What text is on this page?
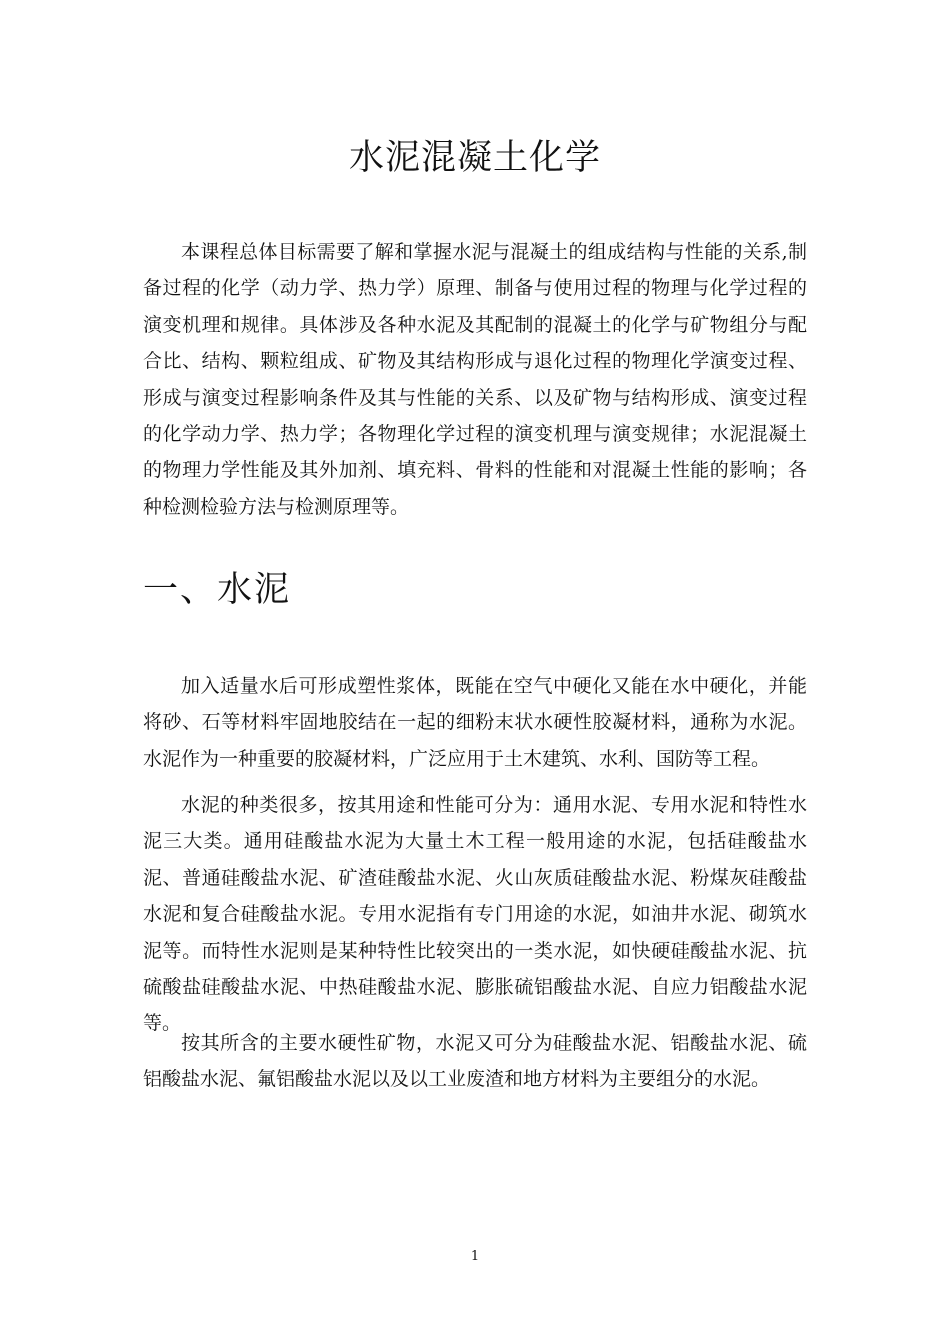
水泥混凝土化学

本课程总体目标需要了解和掌握水泥与混凝土的组成结构与性能的关系,制备过程的化学（动力学、热力学）原理、制备与使用过程的物理与化学过程的演变机理和规律。具体涉及各种水泥及其配制的混凝土的化学与矿物组分与配合比、结构、颗粒组成、矿物及其结构形成与退化过程的物理化学演变过程、形成与演变过程影响条件及其与性能的关系、以及矿物与结构形成、演变过程的化学动力学、热力学；各物理化学过程的演变机理与演变规律；水泥混凝土的物理力学性能及其外加剂、填充料、骨料的性能和对混凝土性能的影响；各种检测检验方法与检测原理等。

一、水泥

加入适量水后可形成塑性浆体，既能在空气中硬化又能在水中硬化，并能将砂、石等材料牢固地胶结在一起的细粉末状水硬性胶凝材料，通称为水泥。水泥作为一种重要的胶凝材料，广泛应用于土木建筑、水利、国防等工程。

水泥的种类很多，按其用途和性能可分为：通用水泥、专用水泥和特性水泥三大类。通用硅酸盐水泥为大量土木工程一般用途的水泥，包括硅酸盐水泥、普通硅酸盐水泥、矿渣硅酸盐水泥、火山灰质硅酸盐水泥、粉煤灰硅酸盐水泥和复合硅酸盐水泥。专用水泥指有专门用途的水泥，如油井水泥、砌筑水泥等。而特性水泥则是某种特性比较突出的一类水泥，如快硬硅酸盐水泥、抗硫酸盐硅酸盐水泥、中热硅酸盐水泥、膨胀硫铝酸盐水泥、自应力铝酸盐水泥等。

按其所含的主要水硬性矿物，水泥又可分为硅酸盐水泥、铝酸盐水泥、硫铝酸盐水泥、氟铝酸盐水泥以及以工业废渣和地方材料为主要组分的水泥。

1
